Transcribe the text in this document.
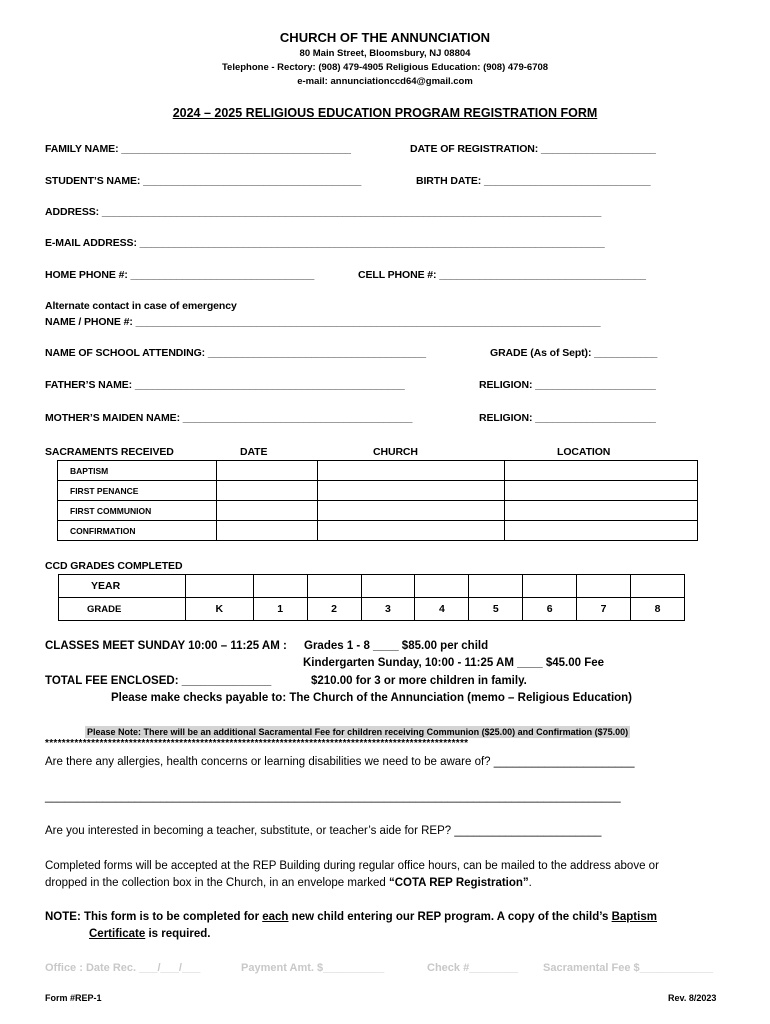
CHURCH OF THE ANNUNCIATION
80 Main Street, Bloomsbury, NJ 08804
Telephone - Rectory: (908) 479-4905 Religious Education: (908) 479-6708
e-mail: annunciationccd64@gmail.com
2024 – 2025 RELIGIOUS EDUCATION PROGRAM REGISTRATION FORM
FAMILY NAME: ________________________________________	DATE OF REGISTRATION: ____________________
STUDENT’S NAME: ______________________________________	BIRTH DATE: _____________________________
ADDRESS: _______________________________________________________________________________________
E-MAIL ADDRESS: _________________________________________________________________________________
HOME PHONE #: ________________________________	CELL PHONE #: ____________________________________
Alternate contact in case of emergency
NAME / PHONE #: _________________________________________________________________________________
NAME OF SCHOOL ATTENDING: ______________________________________	GRADE (As of Sept): ___________
FATHER’S NAME: _______________________________________________	RELIGION: _____________________
MOTHER’S MAIDEN NAME: ________________________________________	RELIGION: _____________________
SACRAMENTS RECEIVED	DATE	CHURCH	LOCATION
BAPTISM			
FIRST PENANCE			
FIRST COMMUNION			
CONFIRMATION			
CCD GRADES COMPLETED
YEAR									
GRADE	K	1	2	3	4	5	6	7	8
CLASSES MEET SUNDAY 10:00 – 11:25 AM : Grades 1 - 8 ____ $85.00 per child
Kindergarten Sunday, 10:00 - 11:25 AM ____ $45.00 Fee
TOTAL FEE ENCLOSED: ______________	$210.00 for 3 or more children in family.
Please make checks payable to: The Church of the Annunciation (memo – Religious Education)
Please Note: There will be an additional Sacramental Fee for children receiving Communion ($25.00) and Confirmation ($75.00)
*****************************************************************************************************
Are there any allergies, health concerns or learning disabilities we need to be aware of? ______________________
__________________________________________________________________________________________
Are you interested in becoming a teacher, substitute, or teacher’s aide for REP? _______________________
Completed forms will be accepted at the REP Building during regular office hours, can be mailed to the address above or
dropped in the collection box in the Church, in an envelope marked “COTA REP Registration”.
NOTE: This form is to be completed for each new child entering our REP program. A copy of the child’s Baptism
Certificate is required.
Office : Date Rec. ___/___/___	Payment Amt. $__________	Check #________ Sacramental Fee $____________
Form #REP-1	Rev. 8/2023
